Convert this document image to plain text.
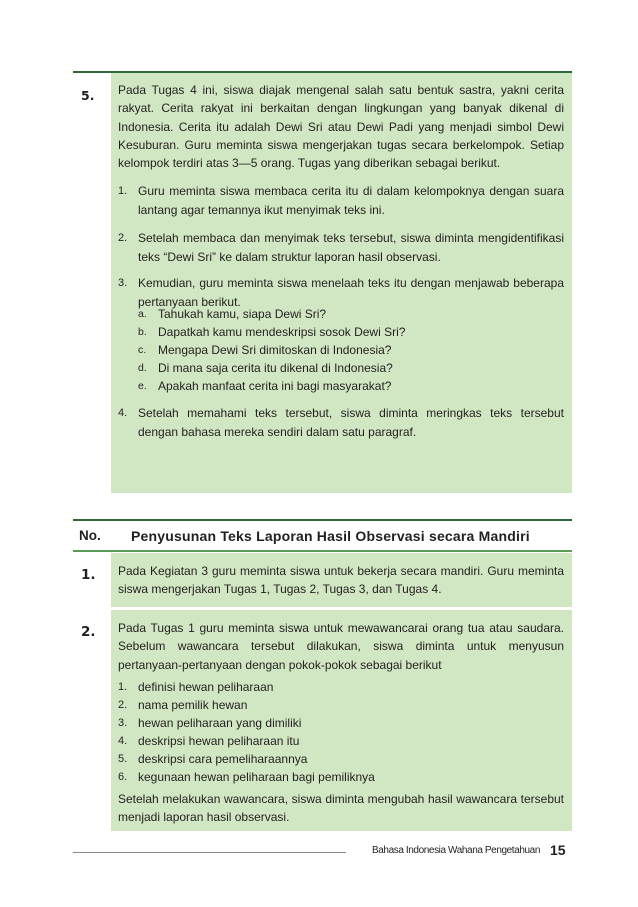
5. Pada Tugas 4 ini, siswa diajak mengenal salah satu bentuk sastra, yakni cerita rakyat. Cerita rakyat ini berkaitan dengan lingkungan yang banyak dikenal di Indonesia. Cerita itu adalah Dewi Sri atau Dewi Padi yang menjadi simbol Dewi Kesuburan. Guru meminta siswa mengerjakan tugas secara berkelompok. Setiap kelompok terdiri atas 3—5 orang. Tugas yang diberikan sebagai berikut.
1. Guru meminta siswa membaca cerita itu di dalam kelompoknya dengan suara lantang agar temannya ikut menyimak teks ini.
2. Setelah membaca dan menyimak teks tersebut, siswa diminta mengidentifikasi teks “Dewi Sri” ke dalam struktur laporan hasil observasi.
3. Kemudian, guru meminta siswa menelaah teks itu dengan menjawab beberapa pertanyaan berikut.
a. Tahukah kamu, siapa Dewi Sri?
b. Dapatkah kamu mendeskripsi sosok Dewi Sri?
c. Mengapa Dewi Sri dimitoskan di Indonesia?
d. Di mana saja cerita itu dikenal di Indonesia?
e. Apakah manfaat cerita ini bagi masyarakat?
4. Setelah memahami teks tersebut, siswa diminta meringkas teks tersebut dengan bahasa mereka sendiri dalam satu paragraf.
No. Penyusunan Teks Laporan Hasil Observasi secara Mandiri
1. Pada Kegiatan 3 guru meminta siswa untuk bekerja secara mandiri. Guru meminta siswa mengerjakan Tugas 1, Tugas 2, Tugas 3, dan Tugas 4.
2. Pada Tugas 1 guru meminta siswa untuk mewawancarai orang tua atau saudara. Sebelum wawancara tersebut dilakukan, siswa diminta untuk menyusun pertanyaan-pertanyaan dengan pokok-pokok sebagai berikut
1. definisi hewan peliharaan
2. nama pemilik hewan
3. hewan peliharaan yang dimiliki
4. deskripsi hewan peliharaan itu
5. deskripsi cara pemeliharaannya
6. kegunaan hewan peliharaan bagi pemiliknya
Setelah melakukan wawancara, siswa diminta mengubah hasil wawancara tersebut menjadi laporan hasil observasi.
Bahasa Indonesia Wahana Pengetahuan 15
